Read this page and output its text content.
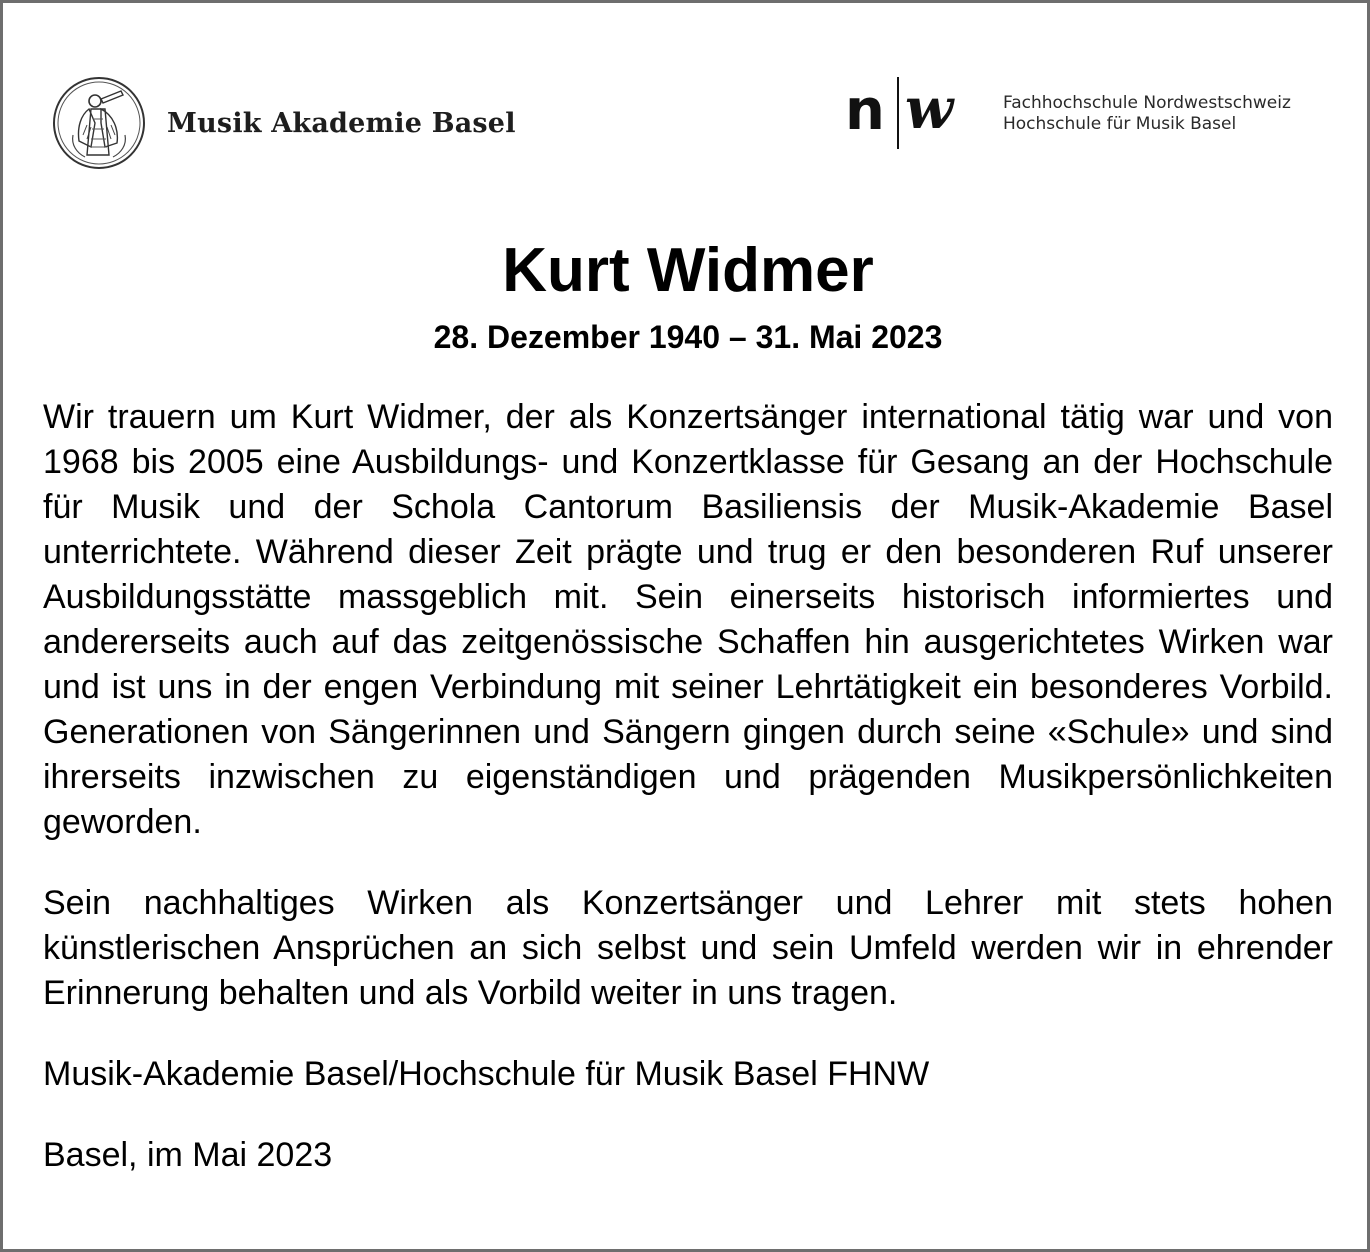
Musik Akademie Basel	n w	Fachhochschule Nordwestschweiz
Hochschule für Musik Basel
Kurt Widmer
28. Dezember 1940 – 31. Mai 2023

Wir trauern um Kurt Widmer, der als Konzertsänger international tätig war und von 1968 bis 2005 eine Ausbildungs- und Konzertklasse für Gesang an der Hochschule für Musik und der Schola Cantorum Basiliensis der Musik-Akademie Basel unterrichtete. Während dieser Zeit prägte und trug er den besonderen Ruf unserer Ausbildungsstätte massgeblich mit. Sein einerseits historisch informiertes und andererseits auch auf das zeitgenössische Schaffen hin ausgerichtetes Wirken war und ist uns in der engen Verbindung mit seiner Lehrtätigkeit ein besonderes Vorbild. Generationen von Sängerinnen und Sängern gingen durch seine «Schule» und sind ihrerseits inzwischen zu eigenständigen und prägenden Musikpersönlichkeiten geworden.

Sein nachhaltiges Wirken als Konzertsänger und Lehrer mit stets hohen künstlerischen Ansprüchen an sich selbst und sein Umfeld werden wir in ehrender Erinnerung behalten und als Vorbild weiter in uns tragen.

Musik-Akademie Basel/Hochschule für Musik Basel FHNW

Basel, im Mai 2023
